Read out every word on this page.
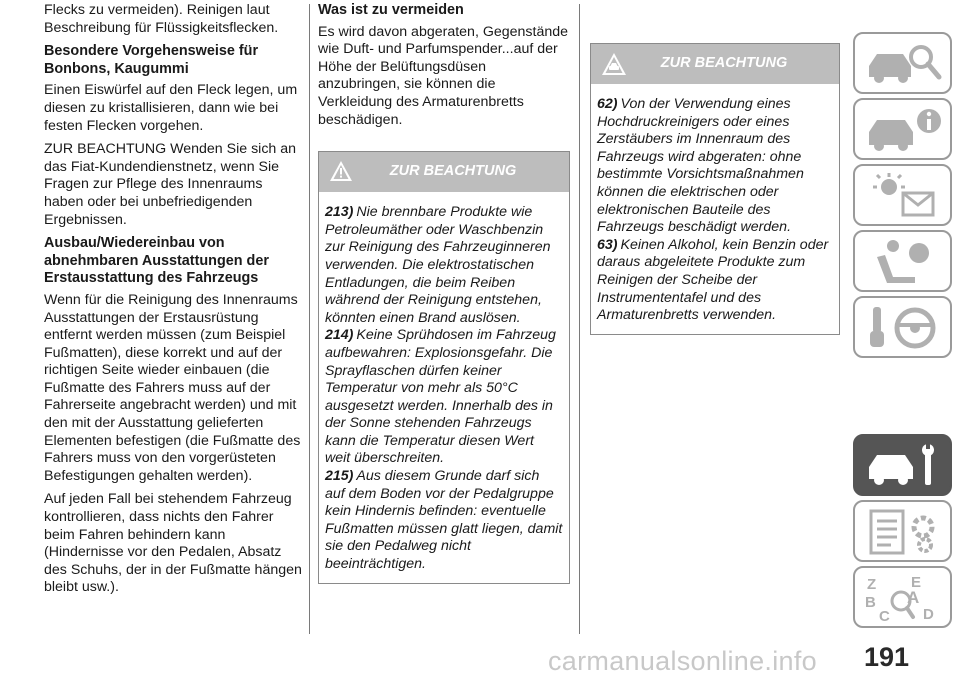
Flecks zu vermeiden). Reinigen laut Beschreibung für Flüssigkeitsflecken.

Besondere Vorgehensweise für Bonbons, Kaugummi

Einen Eiswürfel auf den Fleck legen, um diesen zu kristallisieren, dann wie bei festen Flecken vorgehen.

ZUR BEACHTUNG Wenden Sie sich an das Fiat-Kundendienstnetz, wenn Sie Fragen zur Pflege des Innenraums haben oder bei unbefriedigenden Ergebnissen.

Ausbau/Wiedereinbau von abnehmbaren Ausstattungen der Erstausstattung des Fahrzeugs

Wenn für die Reinigung des Innenraums Ausstattungen der Erstausrüstung entfernt werden müssen (zum Beispiel Fußmatten), diese korrekt und auf der richtigen Seite wieder einbauen (die Fußmatte des Fahrers muss auf der Fahrerseite angebracht werden) und mit den mit der Ausstattung gelieferten Elementen befestigen (die Fußmatte des Fahrers muss von den vorgerüsteten Befestigungen gehalten werden).

Auf jeden Fall bei stehendem Fahrzeug kontrollieren, dass nichts den Fahrer beim Fahren behindern kann (Hindernisse vor den Pedalen, Absatz des Schuhs, der in der Fußmatte hängen bleibt usw.).

Was ist zu vermeiden

Es wird davon abgeraten, Gegenstände wie Duft- und Parfumspender...auf der Höhe der Belüftungsdüsen anzubringen, sie können die Verkleidung des Armaturenbretts beschädigen.

ZUR BEACHTUNG

213) Nie brennbare Produkte wie Petroleumäther oder Waschbenzin zur Reinigung des Fahrzeuginneren verwenden. Die elektrostatischen Entladungen, die beim Reiben während der Reinigung entstehen, könnten einen Brand auslösen.

214) Keine Sprühdosen im Fahrzeug aufbewahren: Explosionsgefahr. Die Sprayflaschen dürfen keiner Temperatur von mehr als 50°C ausgesetzt werden. Innerhalb des in der Sonne stehenden Fahrzeugs kann die Temperatur diesen Wert weit überschreiten.

215) Aus diesem Grunde darf sich auf dem Boden vor der Pedalgruppe kein Hindernis befinden: eventuelle Fußmatten müssen glatt liegen, damit sie den Pedalweg nicht beeinträchtigen.

ZUR BEACHTUNG

62) Von der Verwendung eines Hochdruckreinigers oder eines Zerstäubers im Innenraum des Fahrzeugs wird abgeraten: ohne bestimmte Vorsichtsmaßnahmen können die elektrischen oder elektronischen Bauteile des Fahrzeugs beschädigt werden.

63) Keinen Alkohol, kein Benzin oder daraus abgeleitete Produkte zum Reinigen der Scheibe der Instrumententafel und des Armaturenbretts verwenden.

Z E
A
B
C D
carmanualsonline.info 191
